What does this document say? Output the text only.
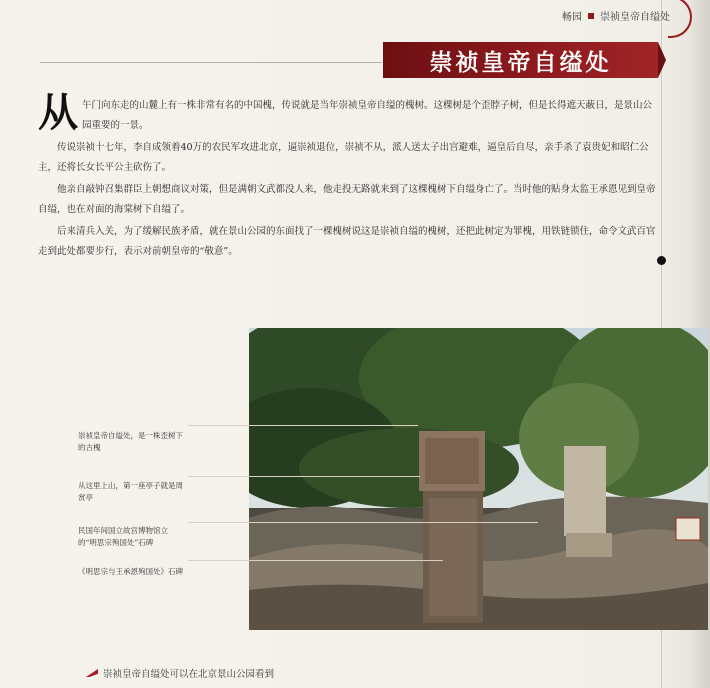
畅园 崇祯皇帝自缢处
崇祯皇帝自缢处

从 午门向东走的山麓上有一株非常有名的中国槐，传说就是当年崇祯皇帝自缢的槐树。这棵树是个歪脖子树，但是长得遮天蔽日，是景山公园重要的一景。

传说崇祯十七年，李自成领着40万的农民军攻进北京，逼崇祯退位，崇祯不从，派人送太子出宫避难，逼皇后自尽，亲手杀了袁贵妃和昭仁公主，还将长女长平公主砍伤了。

他亲自敲钟召集群臣上朝想商议对策，但是满朝文武都没人来，他走投无路就来到了这棵槐树下自缢身亡了。当时他的贴身太监王承恩见到皇帝自缢，也在对面的海棠树下自缢了。

后来清兵入关，为了缓解民族矛盾，就在景山公园的东面找了一棵槐树说这是崇祯自缢的槐树，还把此树定为罪槐，用铁链锁住，命令文武百官走到此处都要步行，表示对前朝皇帝的“敬意”。

崇祯皇帝自缢处，是一株歪树下的古槐
从这里上山，第一座亭子就是周赏亭
民国年间国立故宫博物馆立的“明思宗殉国处”石碑
《明思宗与王承恩殉国处》石碑
崇祯皇帝自缢处可以在北京景山公园看到
